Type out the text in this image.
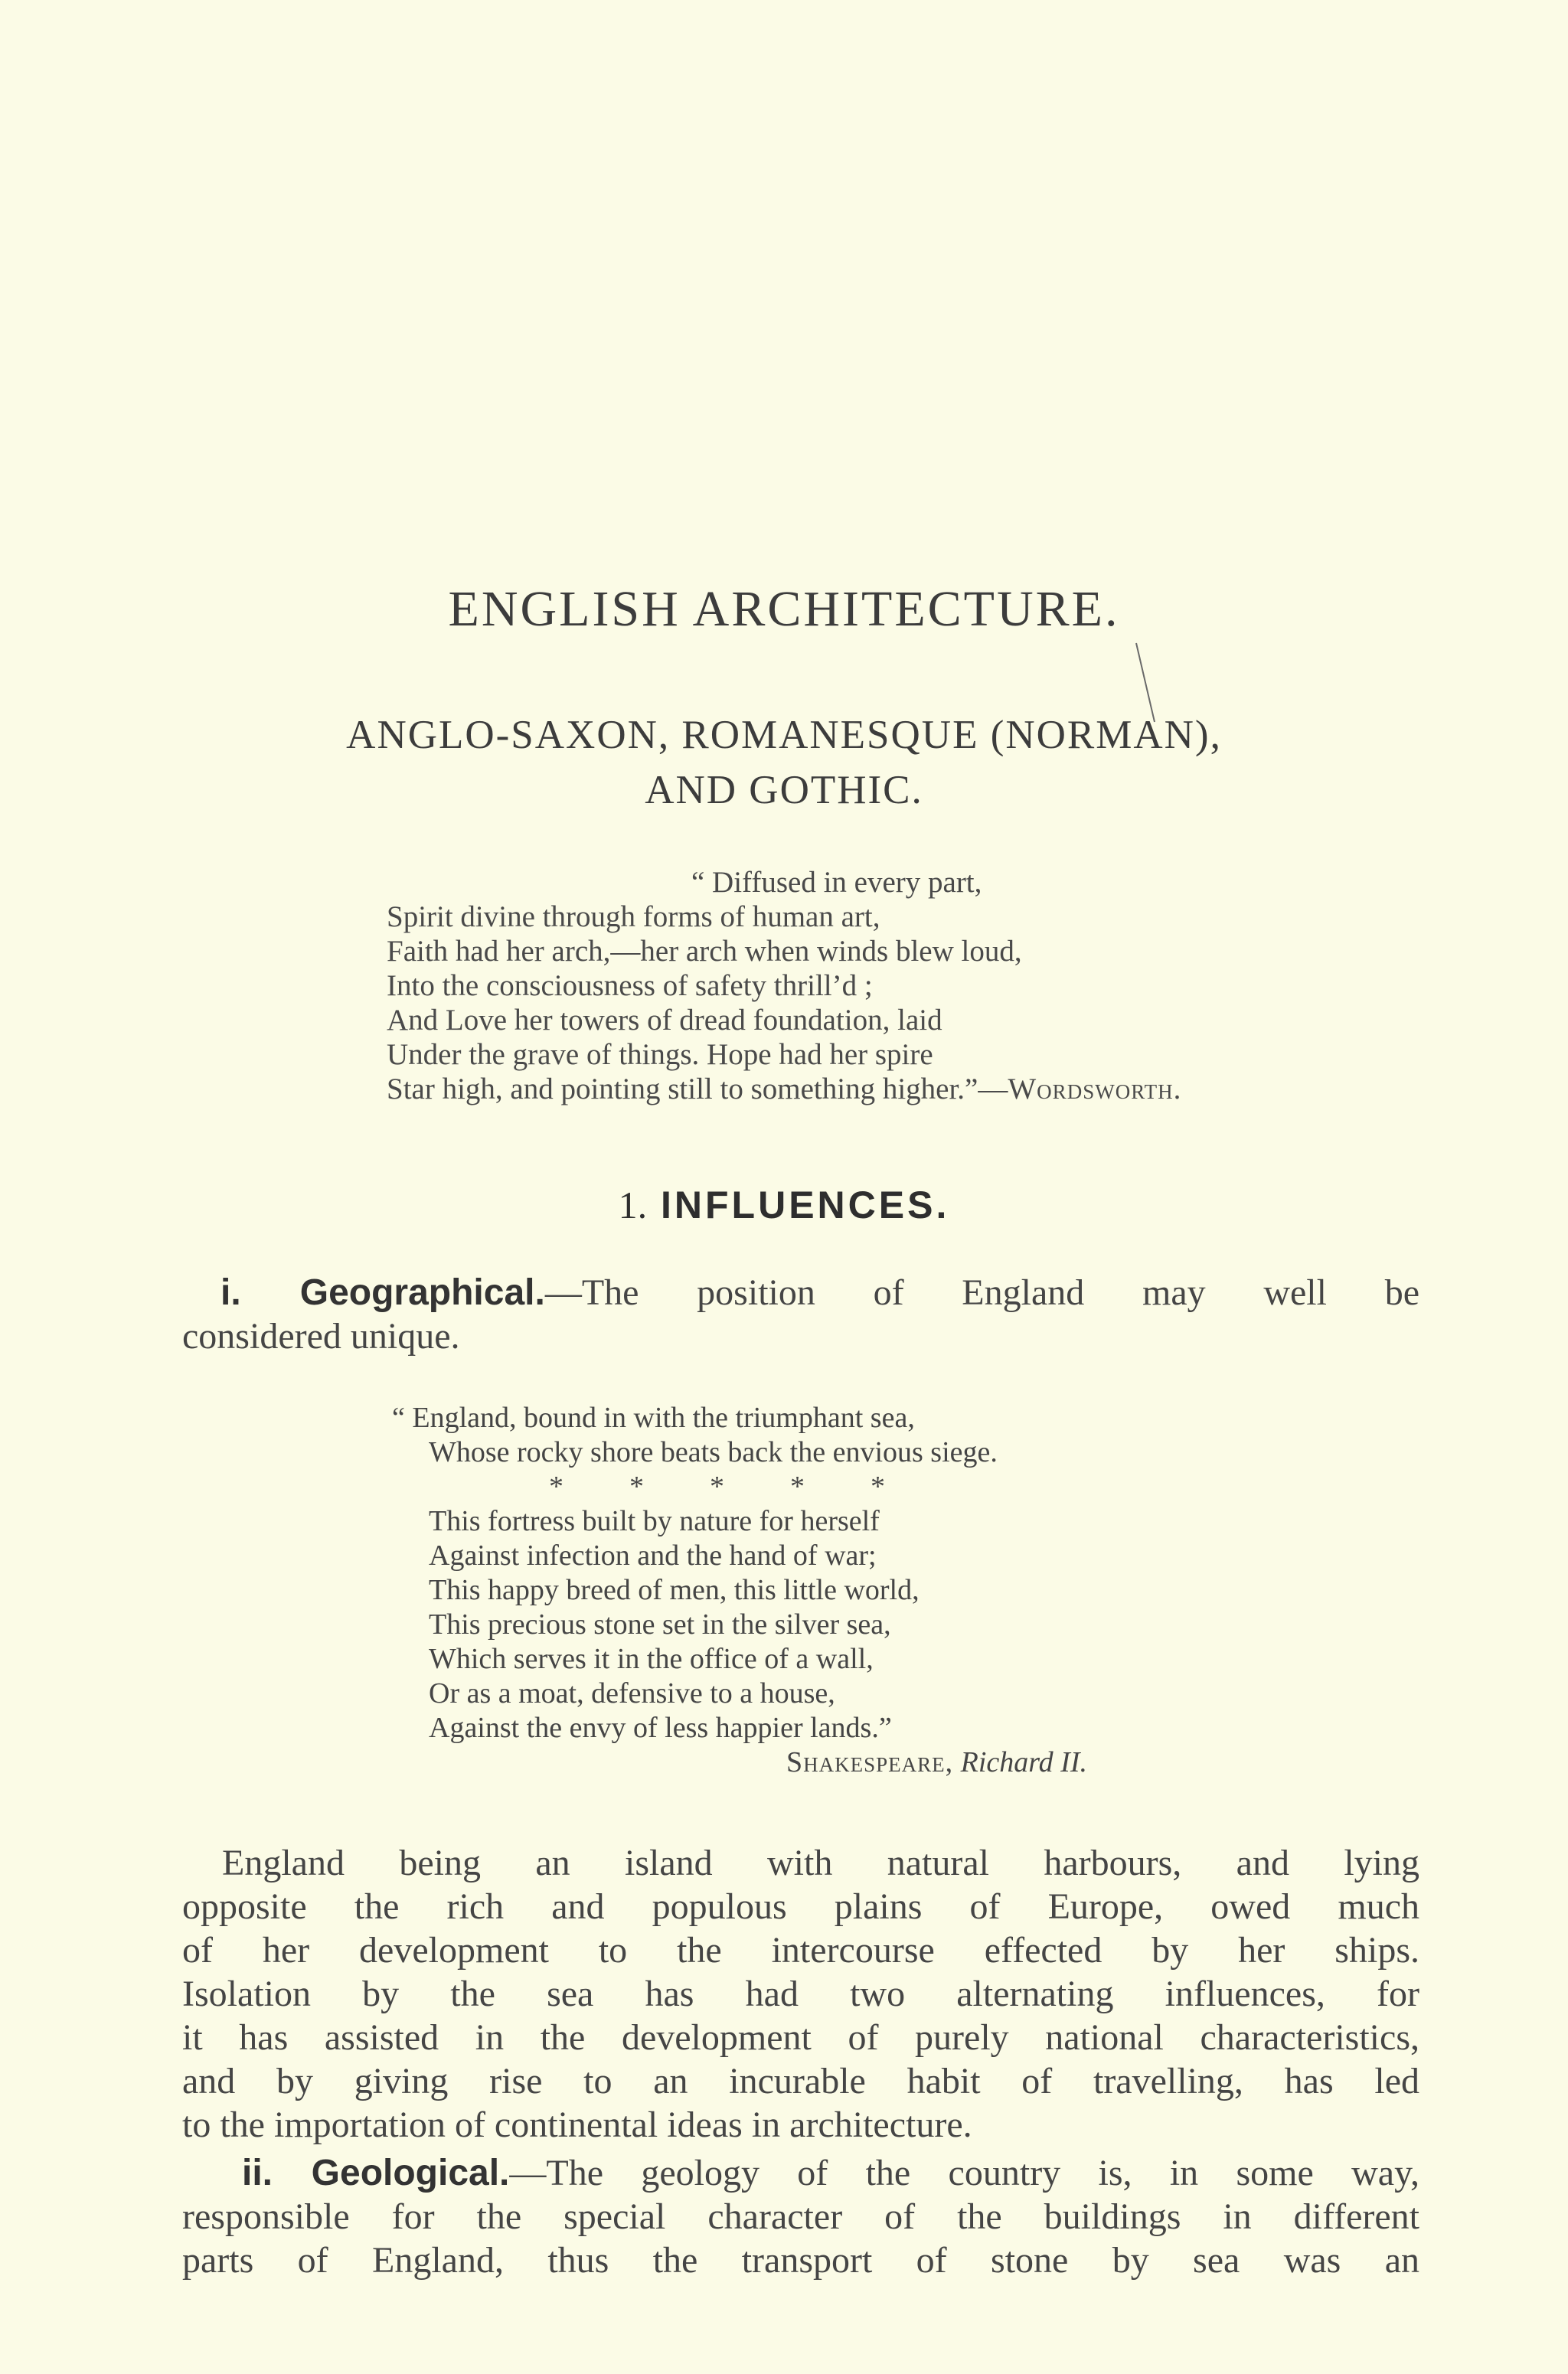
ENGLISH ARCHITECTURE.
ANGLO-SAXON, ROMANESQUE (NORMAN),
AND GOTHIC.
“ Diffused in every part,
Spirit divine through forms of human art,
Faith had her arch,—her arch when winds blew loud,
Into the consciousness of safety thrill’d ;
And Love her towers of dread foundation, laid
Under the grave of things. Hope had her spire
Star high, and pointing still to something higher.”—Wordsworth.
1. INFLUENCES.
i. Geographical.—The position of England may well be
considered unique.
“ England, bound in with the triumphant sea,
Whose rocky shore beats back the envious siege.
* * * * *
This fortress built by nature for herself
Against infection and the hand of war;
This happy breed of men, this little world,
This precious stone set in the silver sea,
Which serves it in the office of a wall,
Or as a moat, defensive to a house,
Against the envy of less happier lands.”
Shakespeare, Richard II.
England being an island with natural harbours, and lying
opposite the rich and populous plains of Europe, owed much
of her development to the intercourse effected by her ships.
Isolation by the sea has had two alternating influences, for
it has assisted in the development of purely national characteristics,
and by giving rise to an incurable habit of travelling, has led
to the importation of continental ideas in architecture.
ii. Geological.—The geology of the country is, in some way,
responsible for the special character of the buildings in different
parts of England, thus the transport of stone by sea was an
